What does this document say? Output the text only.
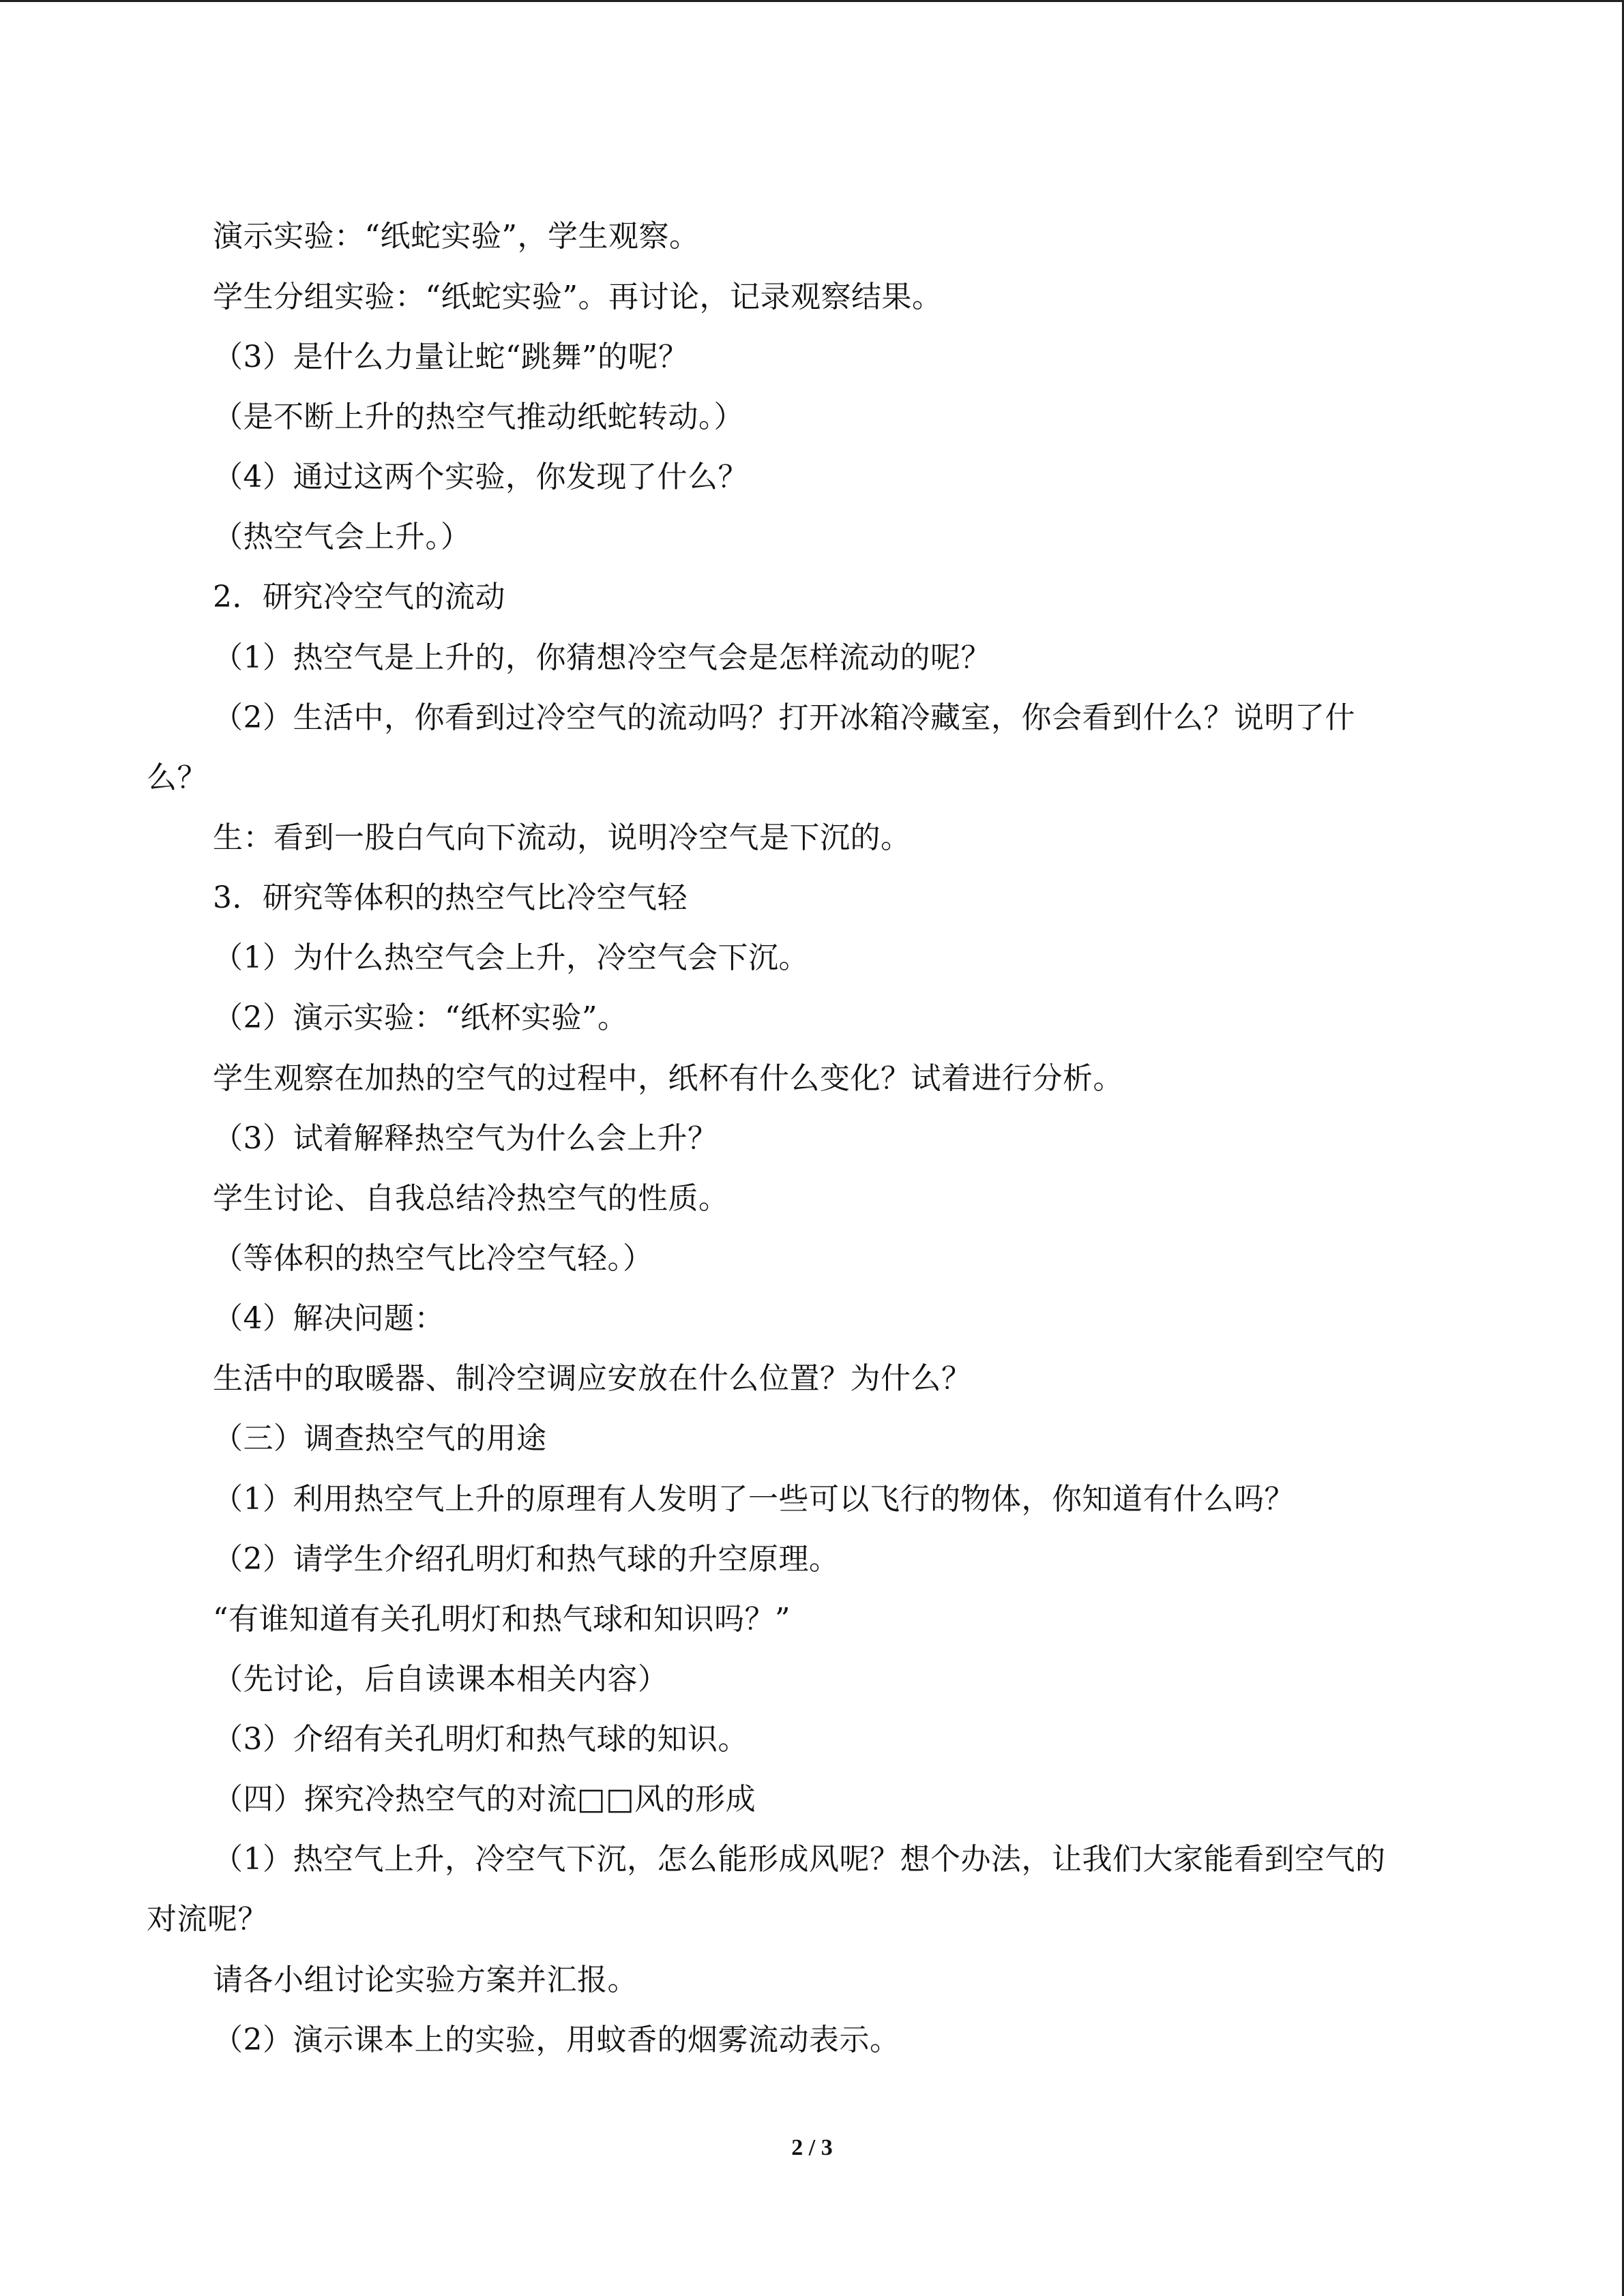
演示实验：“纸蛇实验”，学生观察。
学生分组实验：“纸蛇实验”。再讨论，记录观察结果。
（3）是什么力量让蛇“跳舞”的呢？
（是不断上升的热空气推动纸蛇转动。）
（4）通过这两个实验，你发现了什么？
（热空气会上升。）
2．研究冷空气的流动
（1）热空气是上升的，你猜想冷空气会是怎样流动的呢？
（2）生活中，你看到过冷空气的流动吗？打开冰箱冷藏室，你会看到什么？说明了什
么？
生：看到一股白气向下流动，说明冷空气是下沉的。
3．研究等体积的热空气比冷空气轻
（1）为什么热空气会上升，冷空气会下沉。
（2）演示实验：“纸杯实验”。
学生观察在加热的空气的过程中，纸杯有什么变化？试着进行分析。
（3）试着解释热空气为什么会上升？
学生讨论、自我总结冷热空气的性质。
（等体积的热空气比冷空气轻。）
（4）解决问题：
生活中的取暖器、制冷空调应安放在什么位置？为什么？
（三）调查热空气的用途
（1）利用热空气上升的原理有人发明了一些可以飞行的物体，你知道有什么吗？
（2）请学生介绍孔明灯和热气球的升空原理。
“有谁知道有关孔明灯和热气球和知识吗？”
（先讨论，后自读课本相关内容）
（3）介绍有关孔明灯和热气球的知识。
（四）探究冷热空气的对流□□风的形成
（1）热空气上升，冷空气下沉，怎么能形成风呢？想个办法，让我们大家能看到空气的
对流呢？
请各小组讨论实验方案并汇报。
（2）演示课本上的实验，用蚊香的烟雾流动表示。
2 / 3
